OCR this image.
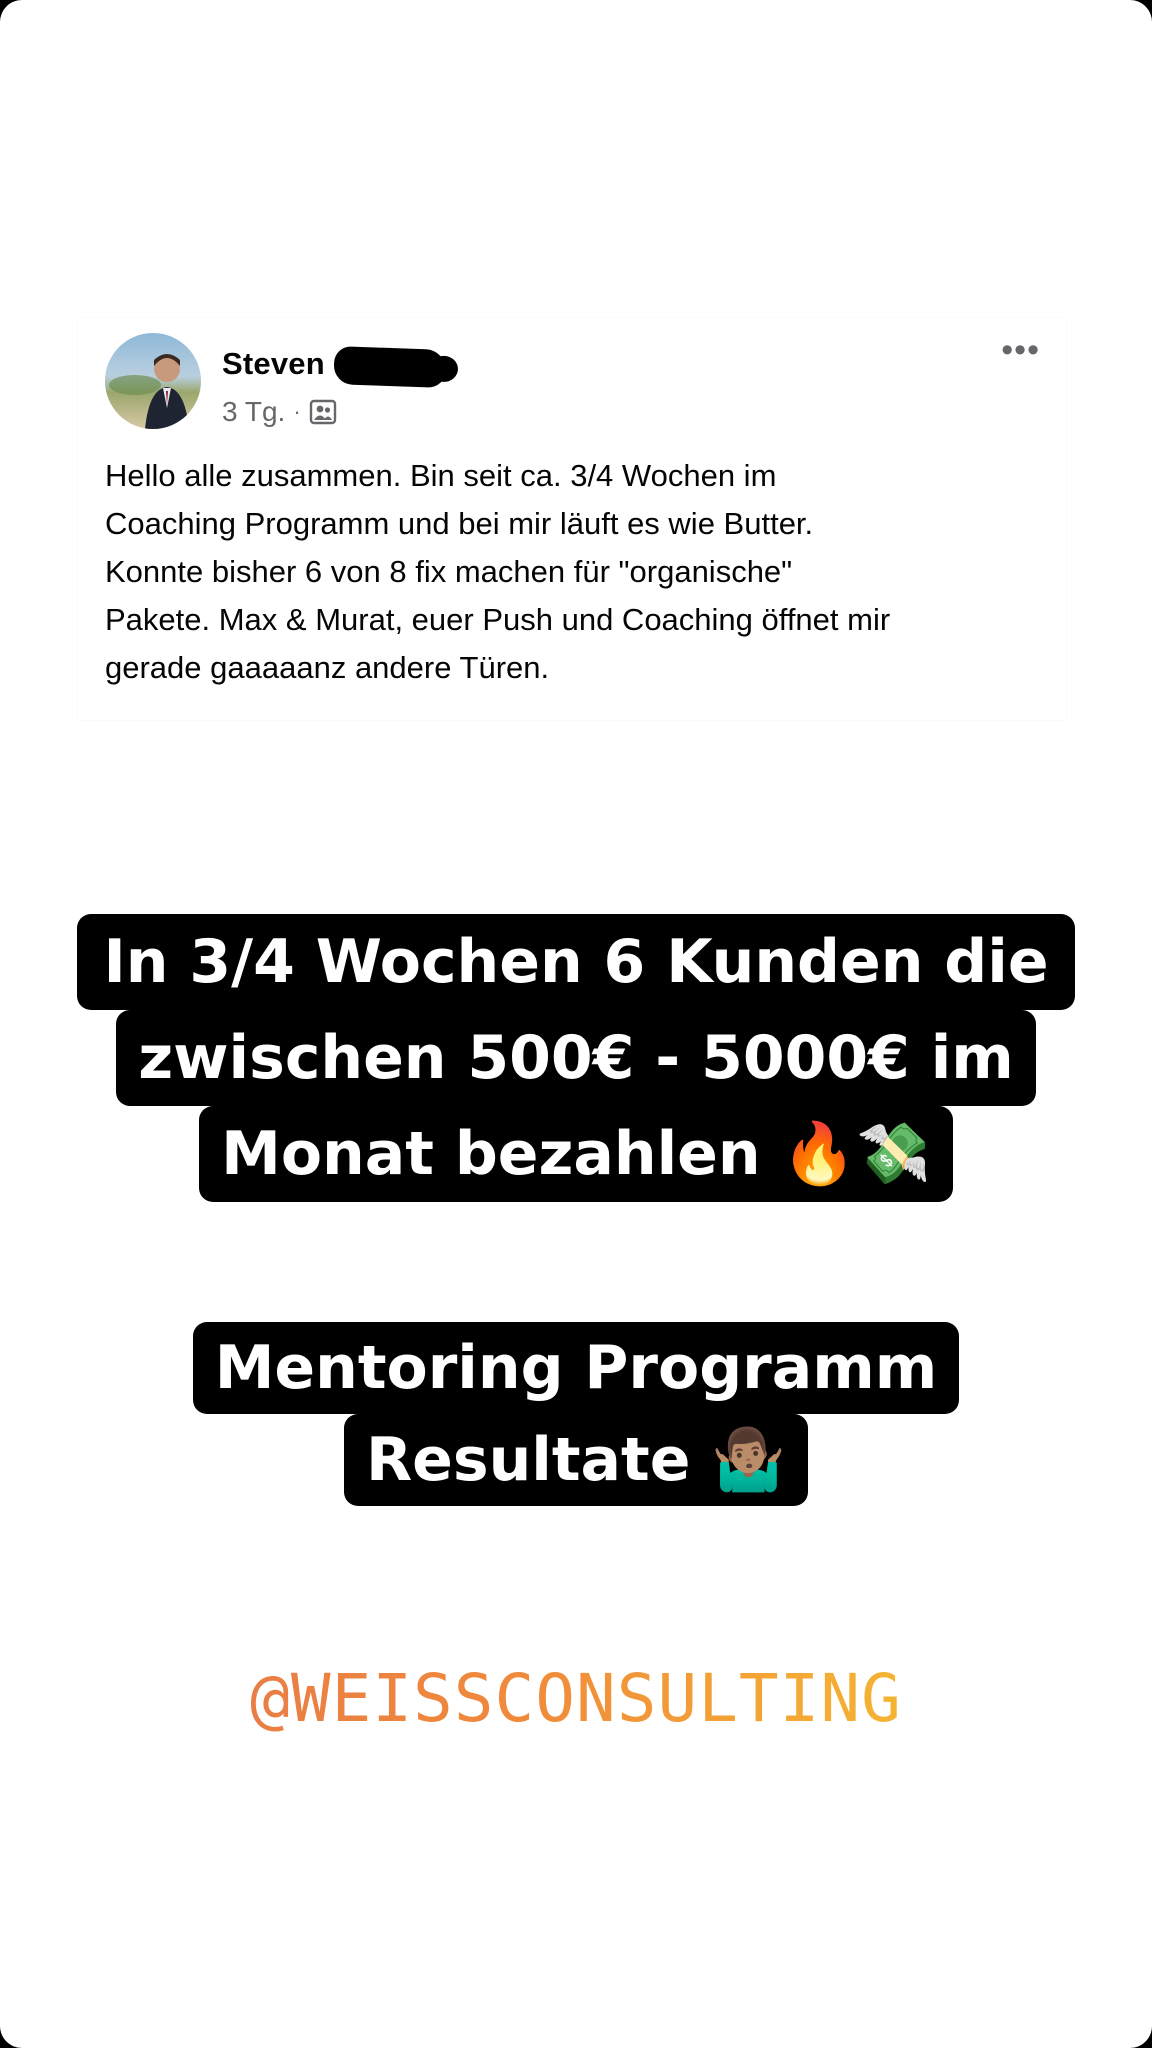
Steven
3 Tg. ·
•••
Hello alle zusammen. Bin seit ca. 3/4 Wochen im
Coaching Programm und bei mir läuft es wie Butter.
Konnte bisher 6 von 8 fix machen für "organische"
Pakete. Max & Murat, euer Push und Coaching öffnet mir
gerade gaaaaanz andere Türen.
In 3/4 Wochen 6 Kunden die
zwischen 500€ - 5000€ im
Monat bezahlen 🔥💸
Mentoring Programm
Resultate 🤷🏽‍♂️
@WEISSCONSULTING
